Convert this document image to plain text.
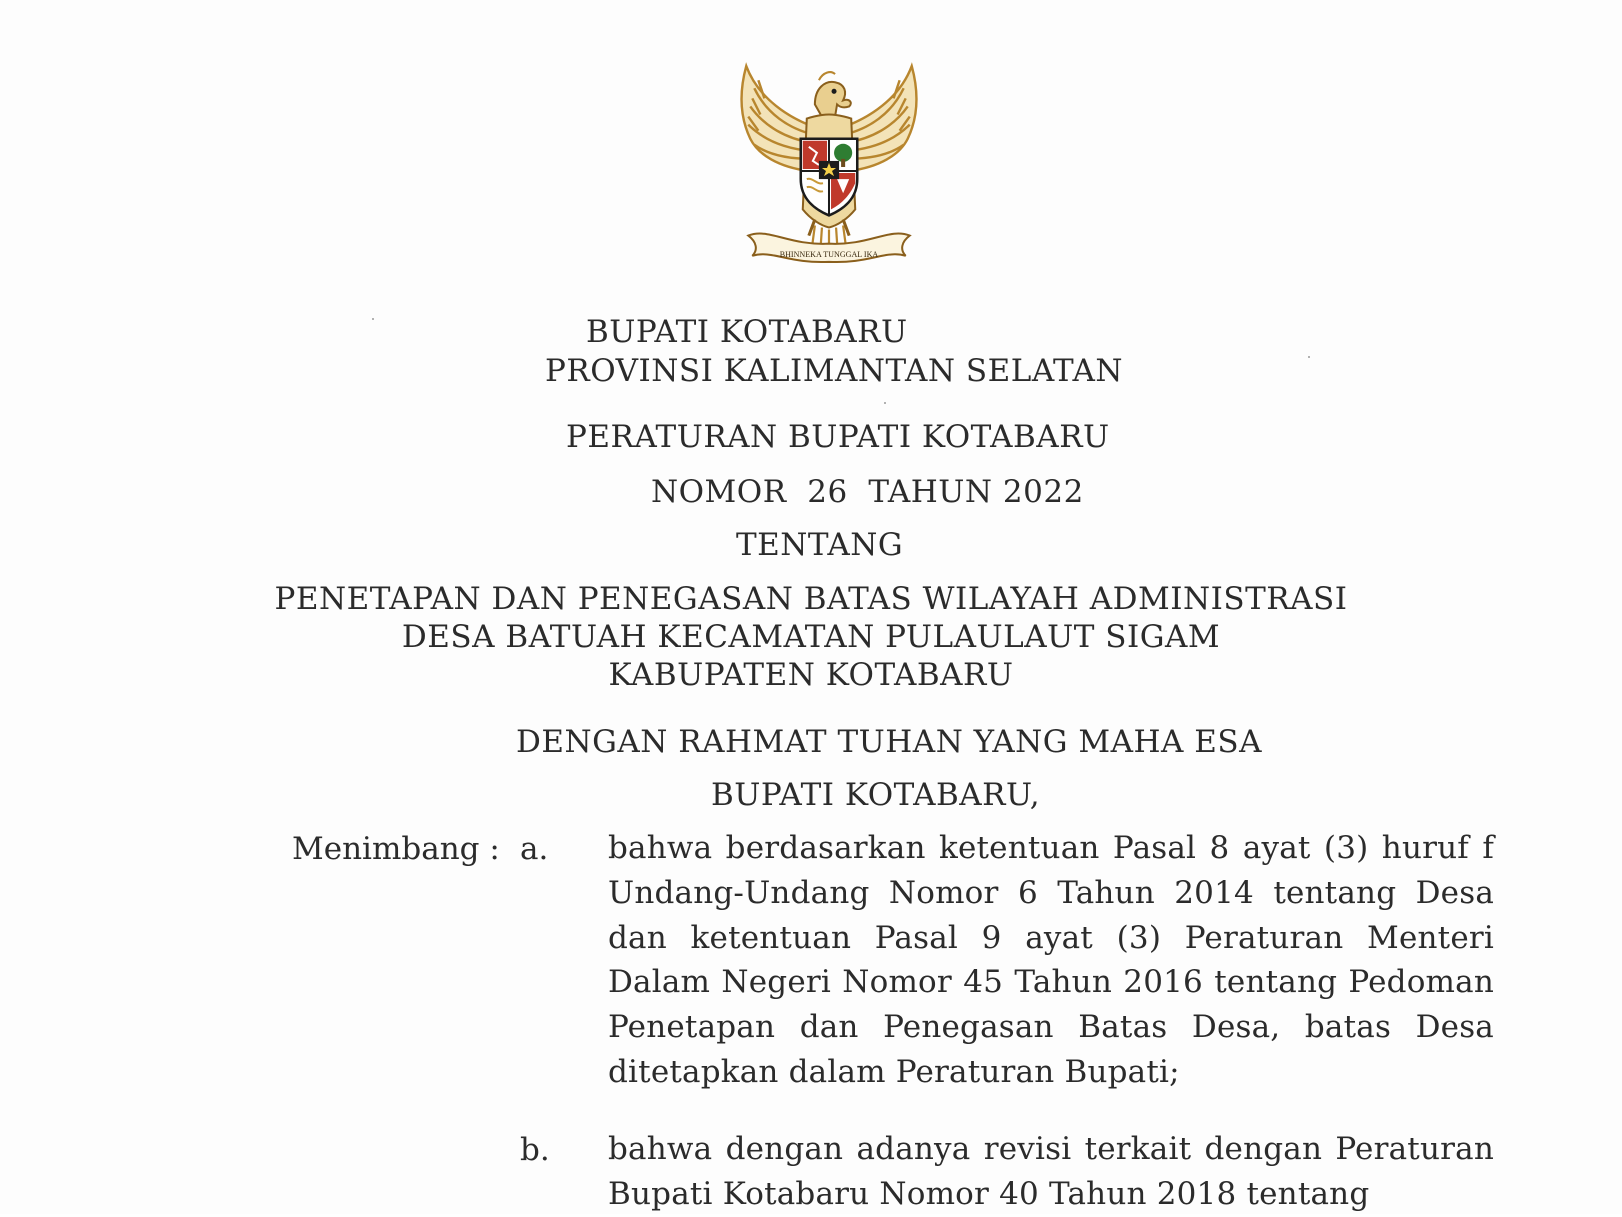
BHINNEKA TUNGGAL IKA
BUPATI KOTABARU
PROVINSI KALIMANTAN SELATAN
PERATURAN BUPATI KOTABARU
NOMOR  26  TAHUN 2022
TENTANG
PENETAPAN DAN PENEGASAN BATAS WILAYAH ADMINISTRASI
DESA BATUAH KECAMATAN PULAULAUT SIGAM
KABUPATEN KOTABARU
DENGAN RAHMAT TUHAN YANG MAHA ESA
BUPATI KOTABARU,
Menimbang : a. bahwa berdasarkan ketentuan Pasal 8 ayat (3) huruf f Undang-Undang Nomor 6 Tahun 2014 tentang Desa dan ketentuan Pasal 9 ayat (3) Peraturan Menteri Dalam Negeri Nomor 45 Tahun 2016 tentang Pedoman Penetapan dan Penegasan Batas Desa, batas Desa ditetapkan dalam Peraturan Bupati;
b. bahwa dengan adanya revisi terkait dengan Peraturan Bupati Kotabaru Nomor 40 Tahun 2018 tentang
